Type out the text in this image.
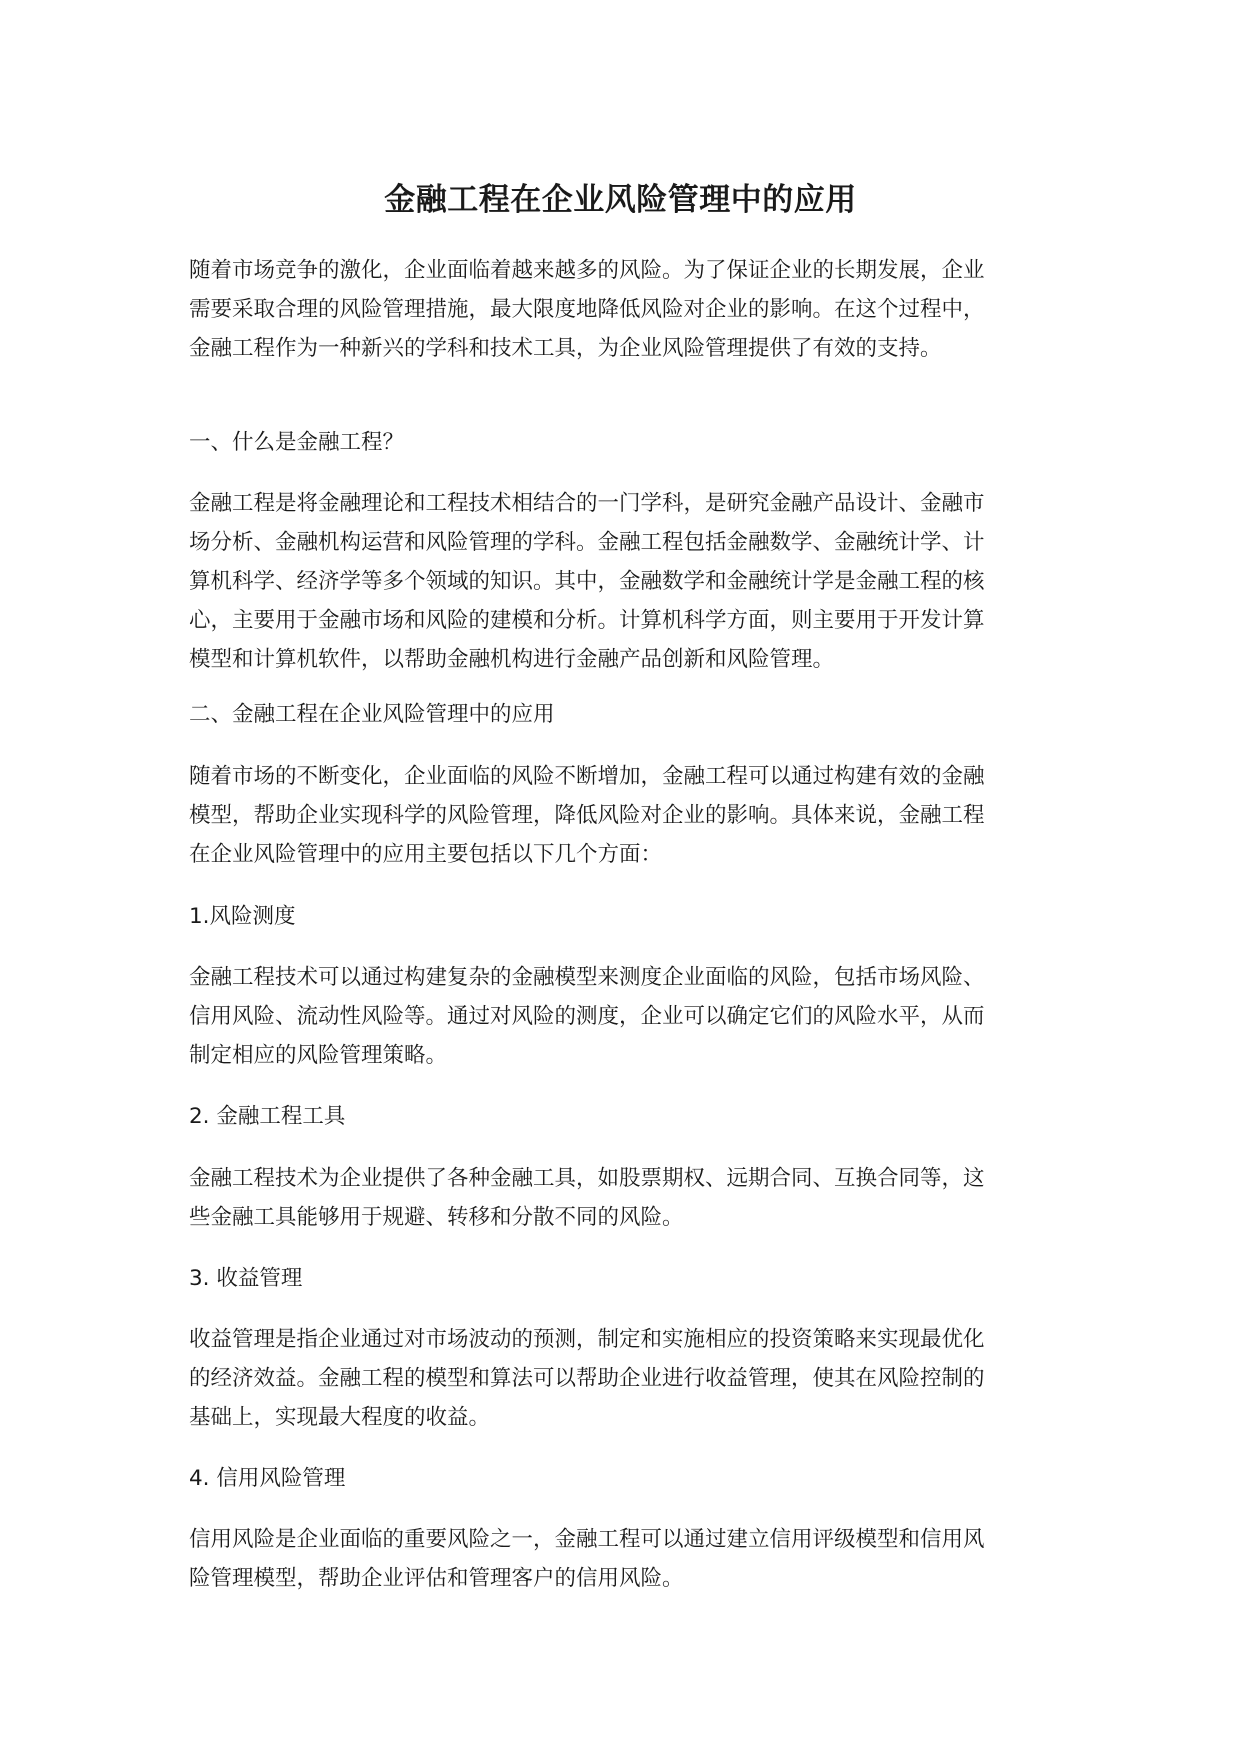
金融工程在企业风险管理中的应用
随着市场竞争的激化，企业面临着越来越多的风险。为了保证企业的长期发展，企业
需要采取合理的风险管理措施，最大限度地降低风险对企业的影响。在这个过程中，
金融工程作为一种新兴的学科和技术工具，为企业风险管理提供了有效的支持。
一、什么是金融工程？
金融工程是将金融理论和工程技术相结合的一门学科，是研究金融产品设计、金融市
场分析、金融机构运营和风险管理的学科。金融工程包括金融数学、金融统计学、计
算机科学、经济学等多个领域的知识。其中，金融数学和金融统计学是金融工程的核
心，主要用于金融市场和风险的建模和分析。计算机科学方面，则主要用于开发计算
模型和计算机软件，以帮助金融机构进行金融产品创新和风险管理。
二、金融工程在企业风险管理中的应用
随着市场的不断变化，企业面临的风险不断增加，金融工程可以通过构建有效的金融
模型，帮助企业实现科学的风险管理，降低风险对企业的影响。具体来说，金融工程
在企业风险管理中的应用主要包括以下几个方面：
1.风险测度
金融工程技术可以通过构建复杂的金融模型来测度企业面临的风险，包括市场风险、
信用风险、流动性风险等。通过对风险的测度，企业可以确定它们的风险水平，从而
制定相应的风险管理策略。
2. 金融工程工具
金融工程技术为企业提供了各种金融工具，如股票期权、远期合同、互换合同等，这
些金融工具能够用于规避、转移和分散不同的风险。
3. 收益管理
收益管理是指企业通过对市场波动的预测，制定和实施相应的投资策略来实现最优化
的经济效益。金融工程的模型和算法可以帮助企业进行收益管理，使其在风险控制的
基础上，实现最大程度的收益。
4. 信用风险管理
信用风险是企业面临的重要风险之一，金融工程可以通过建立信用评级模型和信用风
险管理模型，帮助企业评估和管理客户的信用风险。
